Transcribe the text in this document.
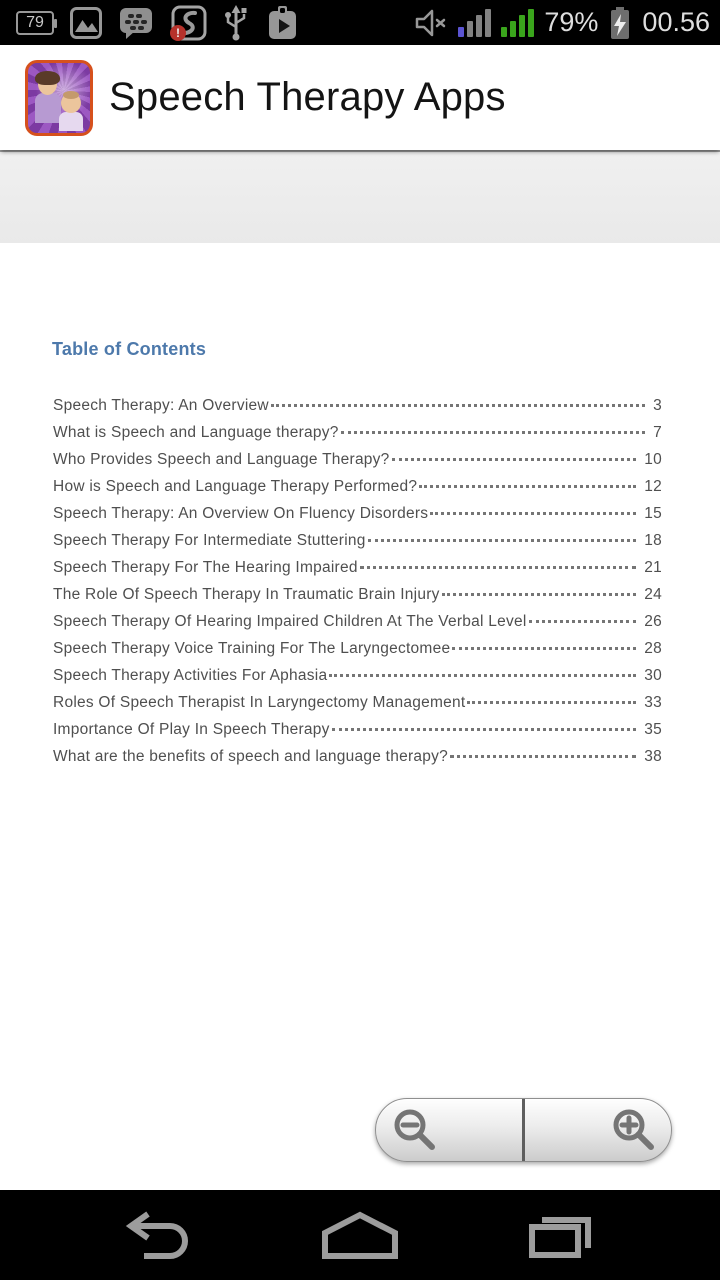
79
!	79% 00.56
Speech Therapy Apps
Table of Contents
Speech Therapy: An Overview	3
What is Speech and Language therapy?	7
Who Provides Speech and Language Therapy?	10
How is Speech and Language Therapy Performed?	12
Speech Therapy: An Overview On Fluency Disorders	15
Speech Therapy For Intermediate Stuttering	18
Speech Therapy For The Hearing Impaired	21
The Role Of Speech Therapy In Traumatic Brain Injury	24
Speech Therapy Of Hearing Impaired Children At The Verbal Level	26
Speech Therapy Voice Training For The Laryngectomee	28
Speech Therapy Activities For Aphasia	30
Roles Of Speech Therapist In Laryngectomy Management	33
Importance Of Play In Speech Therapy	35
What are the benefits of speech and language therapy?	38
